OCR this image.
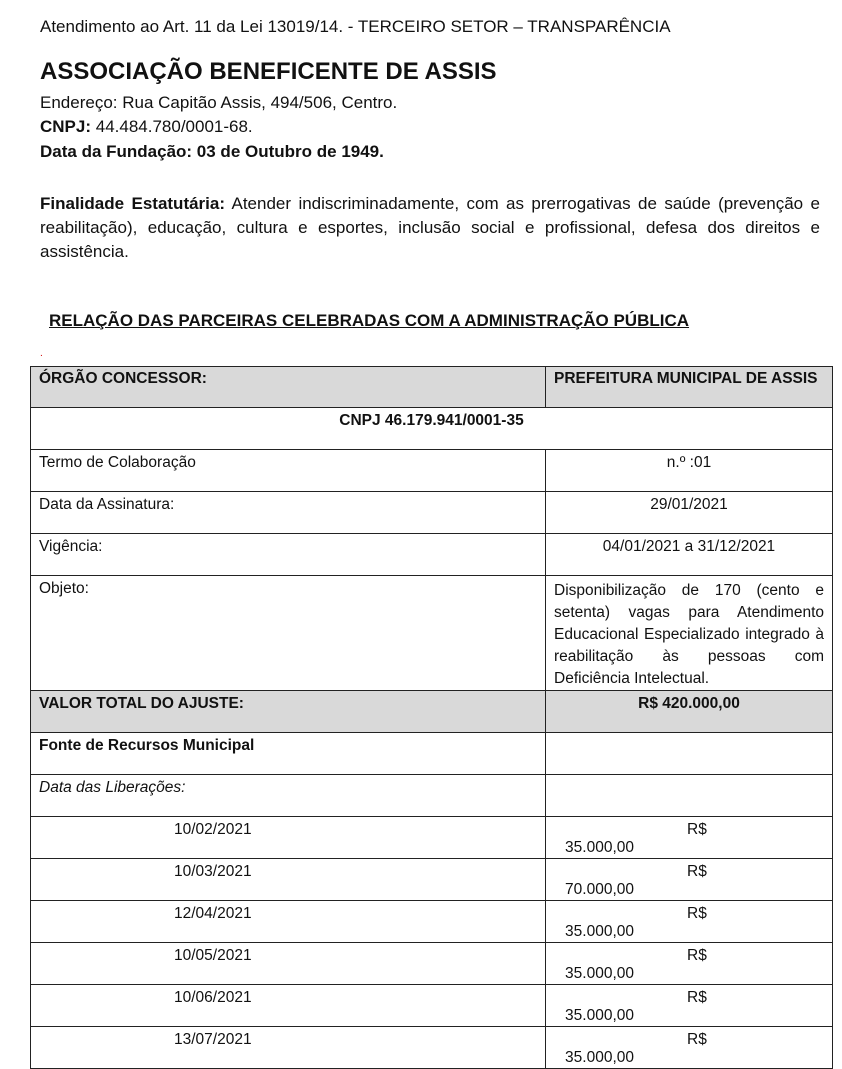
Atendimento ao Art. 11 da Lei 13019/14. - TERCEIRO SETOR – TRANSPARÊNCIA
ASSOCIAÇÃO BENEFICENTE DE ASSIS
Endereço: Rua Capitão Assis, 494/506, Centro.
CNPJ: 44.484.780/0001-68.
Data da Fundação: 03 de Outubro de 1949.
Finalidade Estatutária: Atender indiscriminadamente, com as prerrogativas de saúde (prevenção e reabilitação), educação, cultura e esportes, inclusão social e profissional, defesa dos direitos e assistência.
RELAÇÃO DAS PARCEIRAS CELEBRADAS COM A ADMINISTRAÇÃO PÚBLICA
.
ÓRGÃO CONCESSOR:	PREFEITURA MUNICIPAL DE ASSIS
CNPJ 46.179.941/0001-35	
Termo de Colaboração	n.º :01
Data da Assinatura:	29/01/2021
Vigência:	04/01/2021 a 31/12/2021
Objeto:	Disponibilização de 170 (cento e setenta) vagas para Atendimento Educacional Especializado integrado à reabilitação às pessoas com Deficiência Intelectual.
VALOR TOTAL DO AJUSTE:	R$ 420.000,00
Fonte de Recursos Municipal	
Data das Liberações:	
10/02/2021	R$35.000,00
10/03/2021	R$70.000,00
12/04/2021	R$35.000,00
10/05/2021	R$35.000,00
10/06/2021	R$35.000,00
13/07/2021	R$35.000,00
